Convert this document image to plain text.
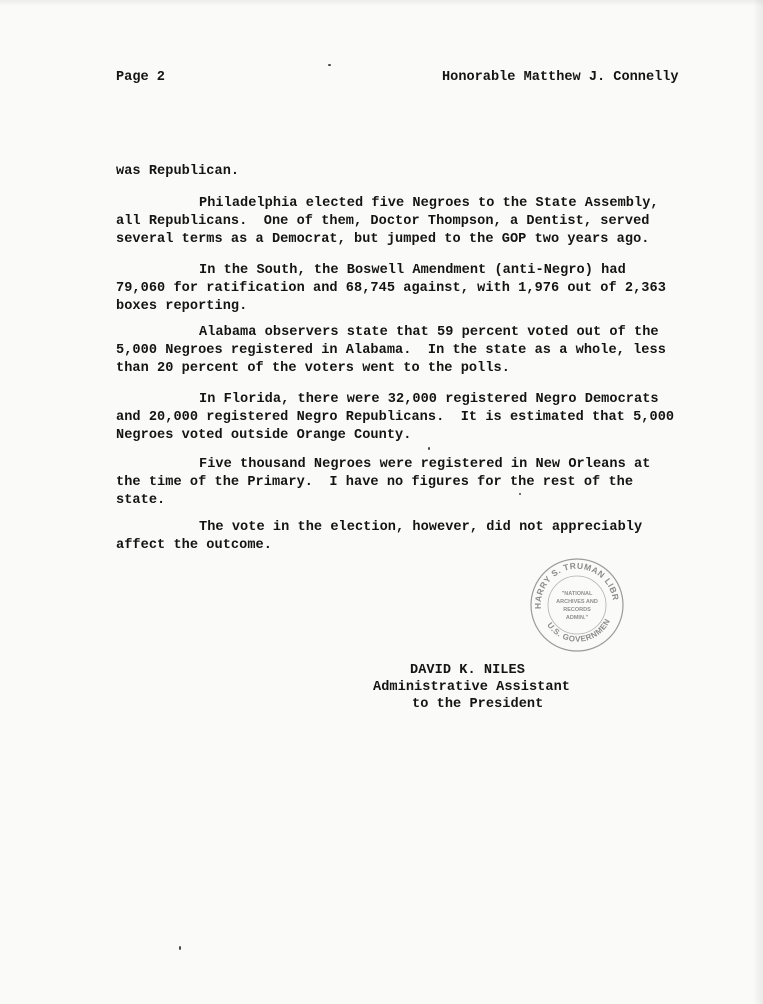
Page 2	Honorable Matthew J. Connelly
was Republican.
Philadelphia elected five Negroes to the State Assembly,
all Republicans.  One of them, Doctor Thompson, a Dentist, served
several terms as a Democrat, but jumped to the GOP two years ago.
In the South, the Boswell Amendment (anti-Negro) had
79,060 for ratification and 68,745 against, with 1,976 out of 2,363
boxes reporting.
Alabama observers state that 59 percent voted out of the
5,000 Negroes registered in Alabama.  In the state as a whole, less
than 20 percent of the voters went to the polls.
In Florida, there were 32,000 registered Negro Democrats
and 20,000 registered Negro Republicans.  It is estimated that 5,000
Negroes voted outside Orange County.
Five thousand Negroes were registered in New Orleans at
the time of the Primary.  I have no figures for the rest of the
state.
The vote in the election, however, did not appreciably
affect the outcome.
HARRY S. TRUMAN LIBR
U.S. GOVERNMEN
"NATIONAL
ARCHIVES AND
RECORDS
ADMIN."
DAVID K. NILES
Administrative Assistant
to the President
